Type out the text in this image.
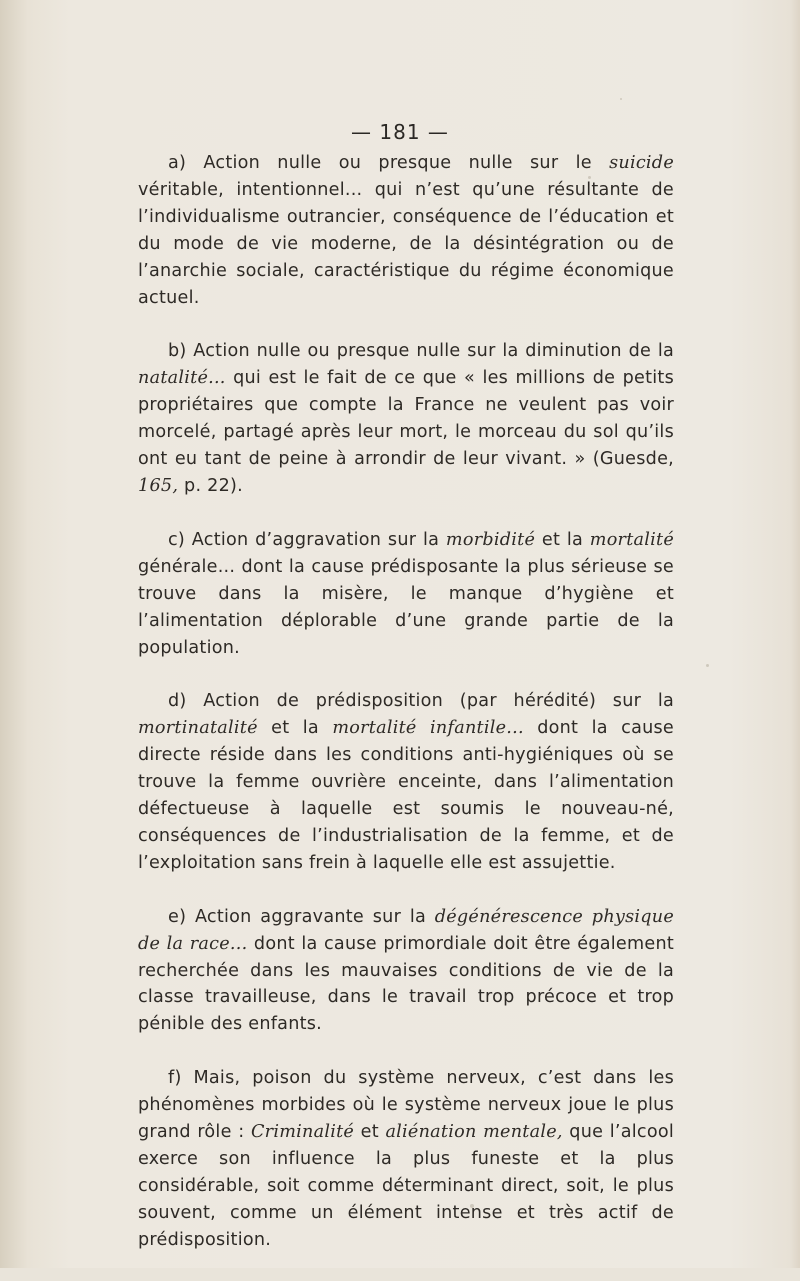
— 181 —

a) Action nulle ou presque nulle sur le suicide véritable, intentionnel... qui n’est qu’une résultante de l’individualisme outrancier, conséquence de l’éducation et du mode de vie moderne, de la désintégration ou de l’anarchie sociale, caractéristique du régime économique actuel.

b) Action nulle ou presque nulle sur la diminution de la natalité... qui est le fait de ce que « les millions de petits propriétaires que compte la France ne veulent pas voir morcelé, partagé après leur mort, le morceau du sol qu’ils ont eu tant de peine à arrondir de leur vivant. » (Guesde, 165, p. 22).

c) Action d’aggravation sur la morbidité et la mortalité générale... dont la cause prédisposante la plus sérieuse se trouve dans la misère, le manque d’hygiène et l’alimentation déplorable d’une grande partie de la population.

d) Action de prédisposition (par hérédité) sur la mortinatalité et la mortalité infantile... dont la cause directe réside dans les conditions anti-hygiéniques où se trouve la femme ouvrière enceinte, dans l’alimentation défectueuse à laquelle est soumis le nouveau-né, conséquences de l’industrialisation de la femme, et de l’exploitation sans frein à laquelle elle est assujettie.

e) Action aggravante sur la dégénérescence physique de la race... dont la cause primordiale doit être également recherchée dans les mauvaises conditions de vie de la classe travailleuse, dans le travail trop précoce et trop pénible des enfants.

f) Mais, poison du système nerveux, c’est dans les phénomènes morbides où le système nerveux joue le plus grand rôle : Criminalité et aliénation mentale, que l’alcool exerce son influence la plus funeste et la plus considérable, soit comme déterminant direct, soit, le plus souvent, comme un élément intense et très actif de prédisposition.
